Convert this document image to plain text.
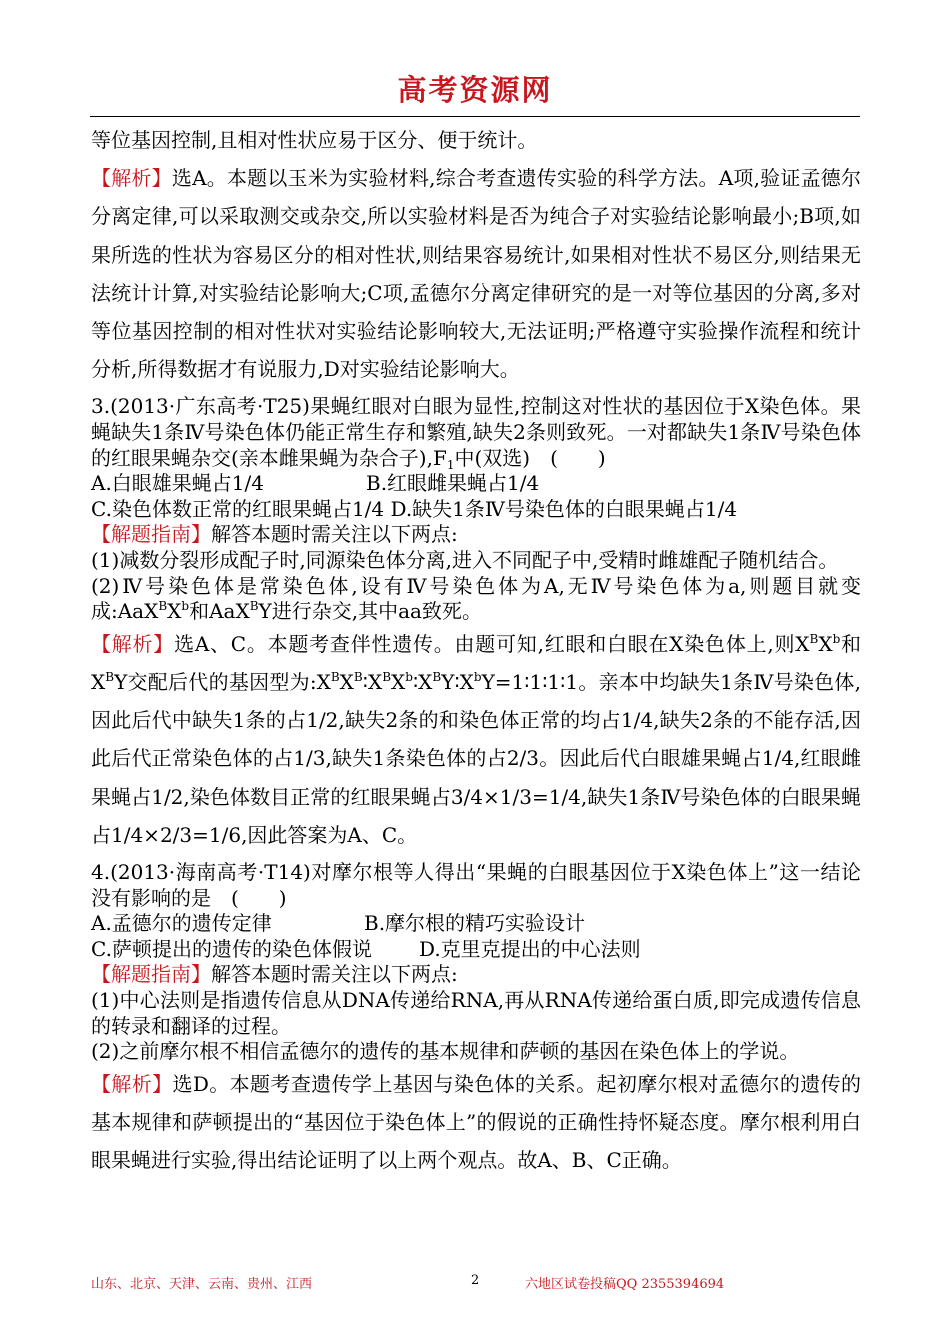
高考资源网

等位基因控制,且相对性状应易于区分、便于统计。

【解析】选A。本题以玉米为实验材料,综合考查遗传实验的科学方法。A项,验证孟德尔分离定律,可以采取测交或杂交,所以实验材料是否为纯合子对实验结论影响最小;B项,如果所选的性状为容易区分的相对性状,则结果容易统计,如果相对性状不易区分,则结果无法统计计算,对实验结论影响大;C项,孟德尔分离定律研究的是一对等位基因的分离,多对等位基因控制的相对性状对实验结论影响较大,无法证明;严格遵守实验操作流程和统计分析,所得数据才有说服力,D对实验结论影响大。

3.(2013·广东高考·T25)果蝇红眼对白眼为显性,控制这对性状的基因位于X染色体。果蝇缺失1条Ⅳ号染色体仍能正常生存和繁殖,缺失2条则致死。一对都缺失1条Ⅳ号染色体的红眼果蝇杂交(亲本雌果蝇为杂合子)$,F_1$中(双选)　(　　)

A.白眼雄果蝇占1/4	B.红眼雌果蝇占1/4

C.染色体数正常的红眼果蝇占1/4 D.缺失1条Ⅳ号染色体的白眼果蝇占1/4

【解题指南】解答本题时需关注以下两点:

(1)减数分裂形成配子时,同源染色体分离,进入不同配子中,受精时雌雄配子随机结合。

(2)Ⅳ号染色体是常染色体,设有Ⅳ号染色体为A,无Ⅳ号染色体为a,则题目就变成$:AaX^BX^b$和AaX$^B$Y进行杂交,其中aa致死。

【解析】选A、C。本题考查伴性遗传。由题可知,红眼和白眼在X染色体上,则$X^BX^b$和$X^BY$交配后代的基因型为$:X^BX^B∶X^BX^b∶X^BY∶X^bY=1∶1∶1∶1$。亲本中均缺失1条Ⅳ号染色体,因此后代中缺失1条的占1/2,缺失2条的和染色体正常的均占1/4,缺失2条的不能存活,因此后代正常染色体的占1/3,缺失1条染色体的占2/3。因此后代白眼雄果蝇占1/4,红眼雌果蝇占1/2,染色体数目正常的红眼果蝇占3/4×1/3=1/4,缺失1条Ⅳ号染色体的白眼果蝇占1/4×2/3=1/6,因此答案为A、C。

4.(2013·海南高考·T14)对摩尔根等人得出“果蝇的白眼基因位于X染色体上”这一结论没有影响的是　(　　)

A.孟德尔的遗传定律	B.摩尔根的精巧实验设计

C.萨顿提出的遗传的染色体假说 D.克里克提出的中心法则

【解题指南】解答本题时需关注以下两点:

(1)中心法则是指遗传信息从DNA传递给RNA,再从RNA传递给蛋白质,即完成遗传信息的转录和翻译的过程。

(2)之前摩尔根不相信孟德尔的遗传的基本规律和萨顿的基因在染色体上的学说。

【解析】选D。本题考查遗传学上基因与染色体的关系。起初摩尔根对孟德尔的遗传的基本规律和萨顿提出的“基因位于染色体上”的假说的正确性持怀疑态度。摩尔根利用白眼果蝇进行实验,得出结论证明了以上两个观点。故A、B、C正确。

山东、北京、天津、云南、贵州、江西	2	六地区试卷投稿QQ 2355394694
